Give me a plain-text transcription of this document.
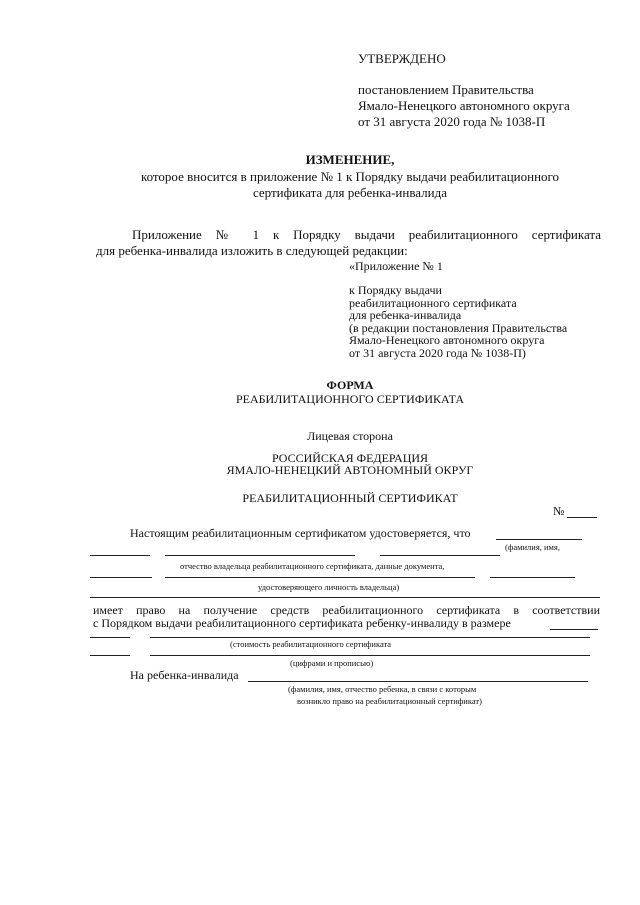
УТВЕРЖДЕНО
постановлением Правительства
Ямало-Ненецкого автономного округа
от 31 августа 2020 года № 1038-П
ИЗМЕНЕНИЕ,
которое вносится в приложение № 1 к Порядку выдачи реабилитационного
сертификата для ребенка-инвалида
Приложение № 1 к Порядку выдачи реабилитационного сертификата
для ребенка-инвалида изложить в следующей редакции:
«Приложение № 1
к Порядку выдачи
реабилитационного сертификата
для ребенка-инвалида
(в редакции постановления Правительства
Ямало-Ненецкого автономного округа
от 31 августа 2020 года № 1038-П)
ФОРМА
РЕАБИЛИТАЦИОННОГО СЕРТИФИКАТА
Лицевая сторона
РОССИЙСКАЯ ФЕДЕРАЦИЯ
ЯМАЛО-НЕНЕЦКИЙ АВТОНОМНЫЙ ОКРУГ
РЕАБИЛИТАЦИОННЫЙ СЕРТИФИКАТ
№
Настоящим реабилитационным сертификатом удостоверяется, что
(фамилия, имя,
отчество владельца реабилитационного сертификата, данные документа,
удостоверяющего личность владельца)
имеет право на получение средств реабилитационного сертификата в соответствии
с Порядком выдачи реабилитационного сертификата ребенку-инвалиду в размере
(стоимость реабилитационного сертификата
(цифрами и прописью)
На ребенка-инвалида
(фамилия, имя, отчество ребенка, в связи с которым
возникло право на реабилитационный сертификат)
